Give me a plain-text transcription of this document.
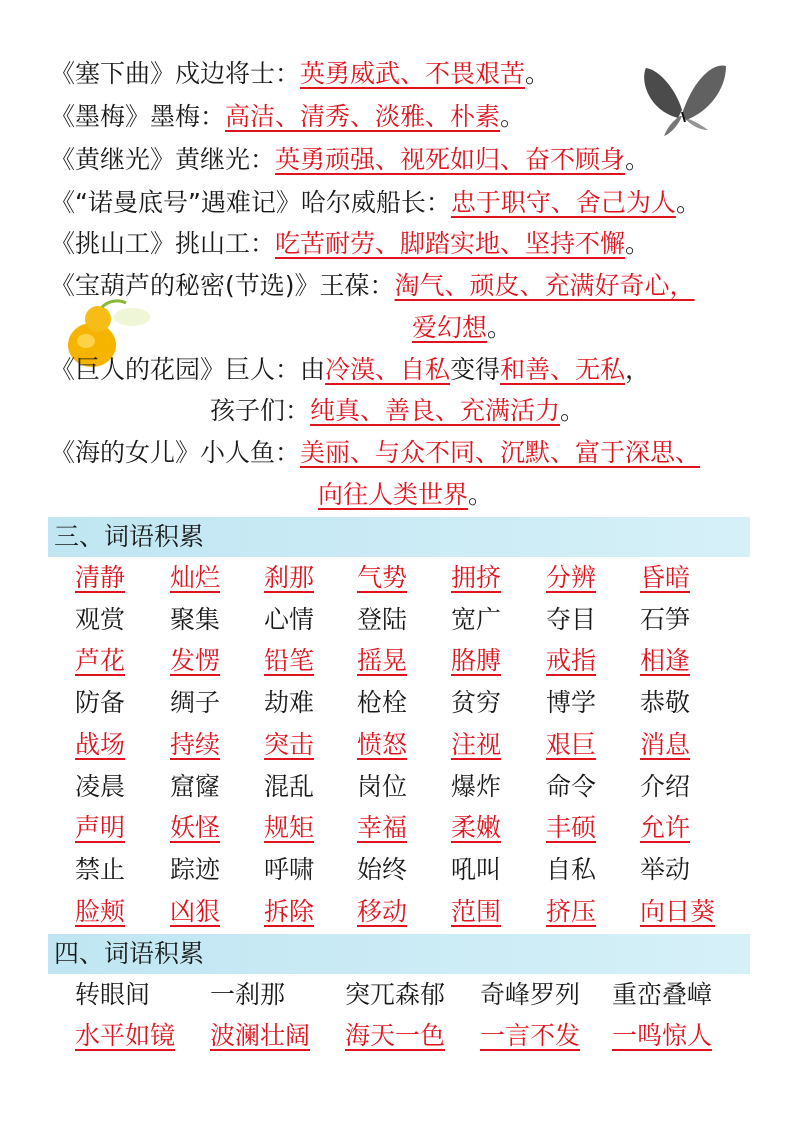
《塞下曲》戍边将士：英勇威武、不畏艰苦。
《墨梅》墨梅：高洁、清秀、淡雅、朴素。
《黄继光》黄继光：英勇顽强、视死如归、奋不顾身。
《“诺曼底号”遇难记》哈尔威船长：忠于职守、舍己为人。
《挑山工》挑山工：吃苦耐劳、脚踏实地、坚持不懈。
《宝葫芦的秘密(节选)》王葆：淘气、顽皮、充满好奇心，
爱幻想。
《巨人的花园》巨人：由冷漠、自私变得和善、无私，
孩子们：纯真、善良、充满活力。
《海的女儿》小人鱼：美丽、与众不同、沉默、富于深思、
向往人类世界。
三、词语积累
清静 灿烂 刹那 气势 拥挤 分辨 昏暗
观赏 聚集 心情 登陆 宽广 夺目 石笋
芦花 发愣 铅笔 摇晃 胳膊 戒指 相逢
防备 绸子 劫难 枪栓 贫穷 博学 恭敬
战场 持续 突击 愤怒 注视 艰巨 消息
凌晨 窟窿 混乱 岗位 爆炸 命令 介绍
声明 妖怪 规矩 幸福 柔嫩 丰硕 允许
禁止 踪迹 呼啸 始终 吼叫 自私 举动
脸颊 凶狠 拆除 移动 范围 挤压 向日葵
四、词语积累
转眼间 一刹那 突兀森郁 奇峰罗列 重峦叠嶂
水平如镜 波澜壮阔 海天一色 一言不发 一鸣惊人
